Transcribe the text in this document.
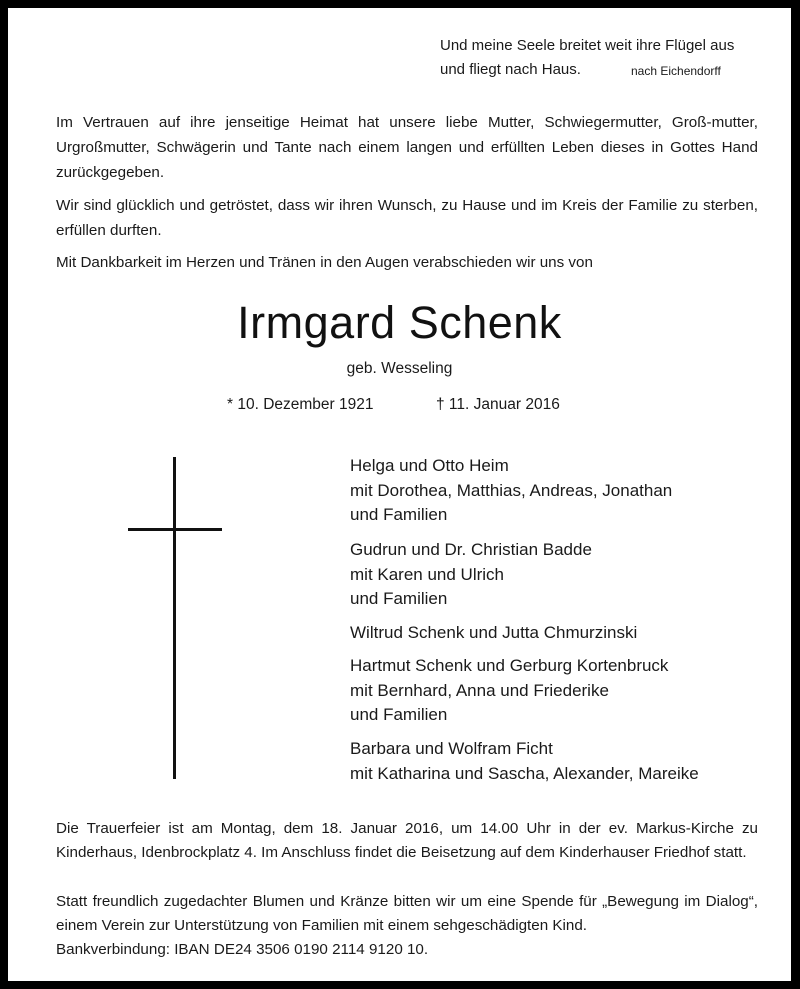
Und meine Seele breitet weit ihre Flügel aus
und fliegt nach Haus.	nach Eichendorff
Im Vertrauen auf ihre jenseitige Heimat hat unsere liebe Mutter, Schwiegermutter, Groß-mutter, Urgroßmutter, Schwägerin und Tante nach einem langen und erfüllten Leben dieses in Gottes Hand zurückgegeben.
Wir sind glücklich und getröstet, dass wir ihren Wunsch, zu Hause und im Kreis der Familie zu sterben, erfüllen durften.
Mit Dankbarkeit im Herzen und Tränen in den Augen verabschieden wir uns von
Irmgard Schenk
geb. Wesseling
* 10. Dezember 1921	† 11. Januar 2016
Helga und Otto Heim
mit Dorothea, Matthias, Andreas, Jonathan
und Familien
Gudrun und Dr. Christian Badde
mit Karen und Ulrich
und Familien
Wiltrud Schenk und Jutta Chmurzinski
Hartmut Schenk und Gerburg Kortenbruck
mit Bernhard, Anna und Friederike
und Familien
Barbara und Wolfram Ficht
mit Katharina und Sascha, Alexander, Mareike
Die Trauerfeier ist am Montag, dem 18. Januar 2016, um 14.00 Uhr in der ev. Markus-Kirche zu Kinderhaus, Idenbrockplatz 4. Im Anschluss findet die Beisetzung auf dem Kinderhauser Friedhof statt.
Statt freundlich zugedachter Blumen und Kränze bitten wir um eine Spende für „Bewegung im Dialog“, einem Verein zur Unterstützung von Familien mit einem sehgeschädigten Kind.
Bankverbindung: IBAN DE24 3506 0190 2114 9120 10.
